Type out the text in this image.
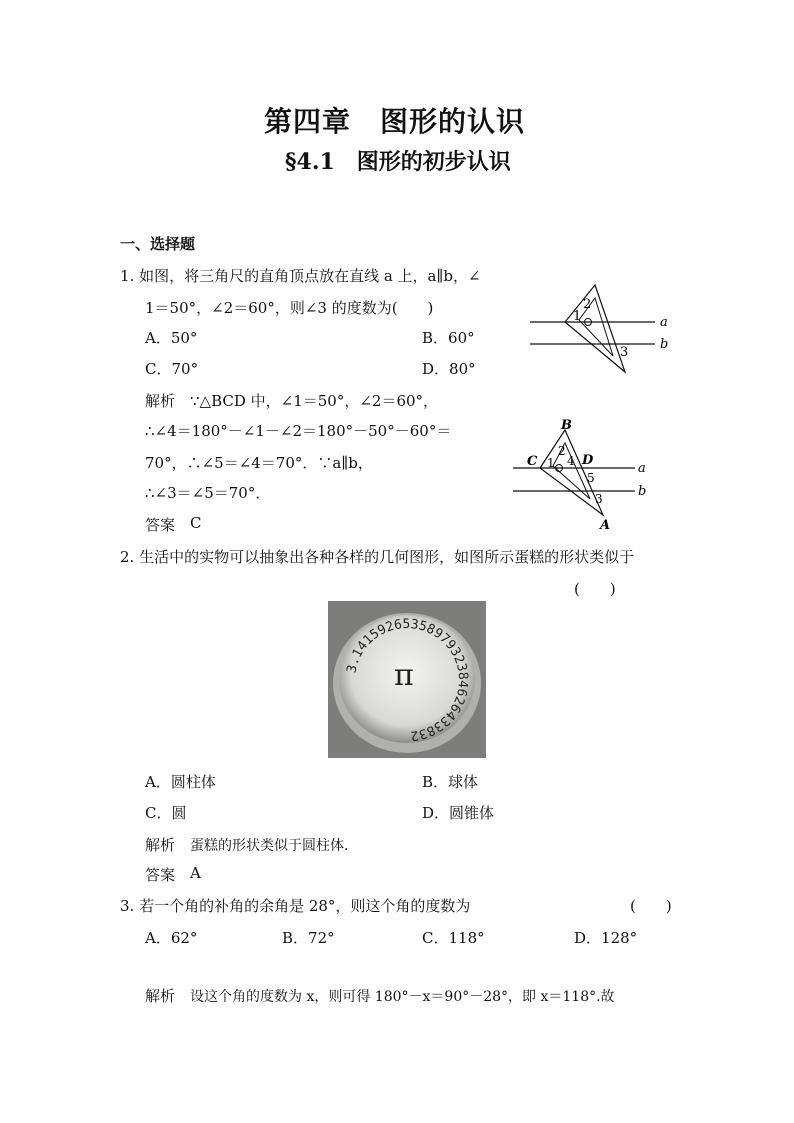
第四章　图形的认识
§4.1　图形的初步认识
一、选择题
1. 如图，将三角尺的直角顶点放在直线 a 上，a∥b，∠
1＝50°，∠2＝60°，则∠3 的度数为(　　)
A．50°	B．60°
C．70°	D．80°
解析 ∵△BCD 中，∠1＝50°，∠2＝60°，
∴∠4＝180°－∠1－∠2＝180°－50°－60°＝
70°，∴∠5＝∠4＝70°．∵a∥b，
∴∠3＝∠5＝70°．
答案 C
1
2
3
a
b
B
C	D
A
1
2
4
5
3
a
b
2. 生活中的实物可以抽象出各种各样的几何图形，如图所示蛋糕的形状类似于
(　　)
3.1415926535897932384626433832
π
A．圆柱体	B．球体
C．圆	D．圆锥体
解析 蛋糕的形状类似于圆柱体.
答案 A
3. 若一个角的补角的余角是 28°，则这个角的度数为	(　　)
A．62°	B．72°	C．118°	D．128°
解析 设这个角的度数为 x，则可得 180°－x＝90°－28°，即 x＝118°.故
